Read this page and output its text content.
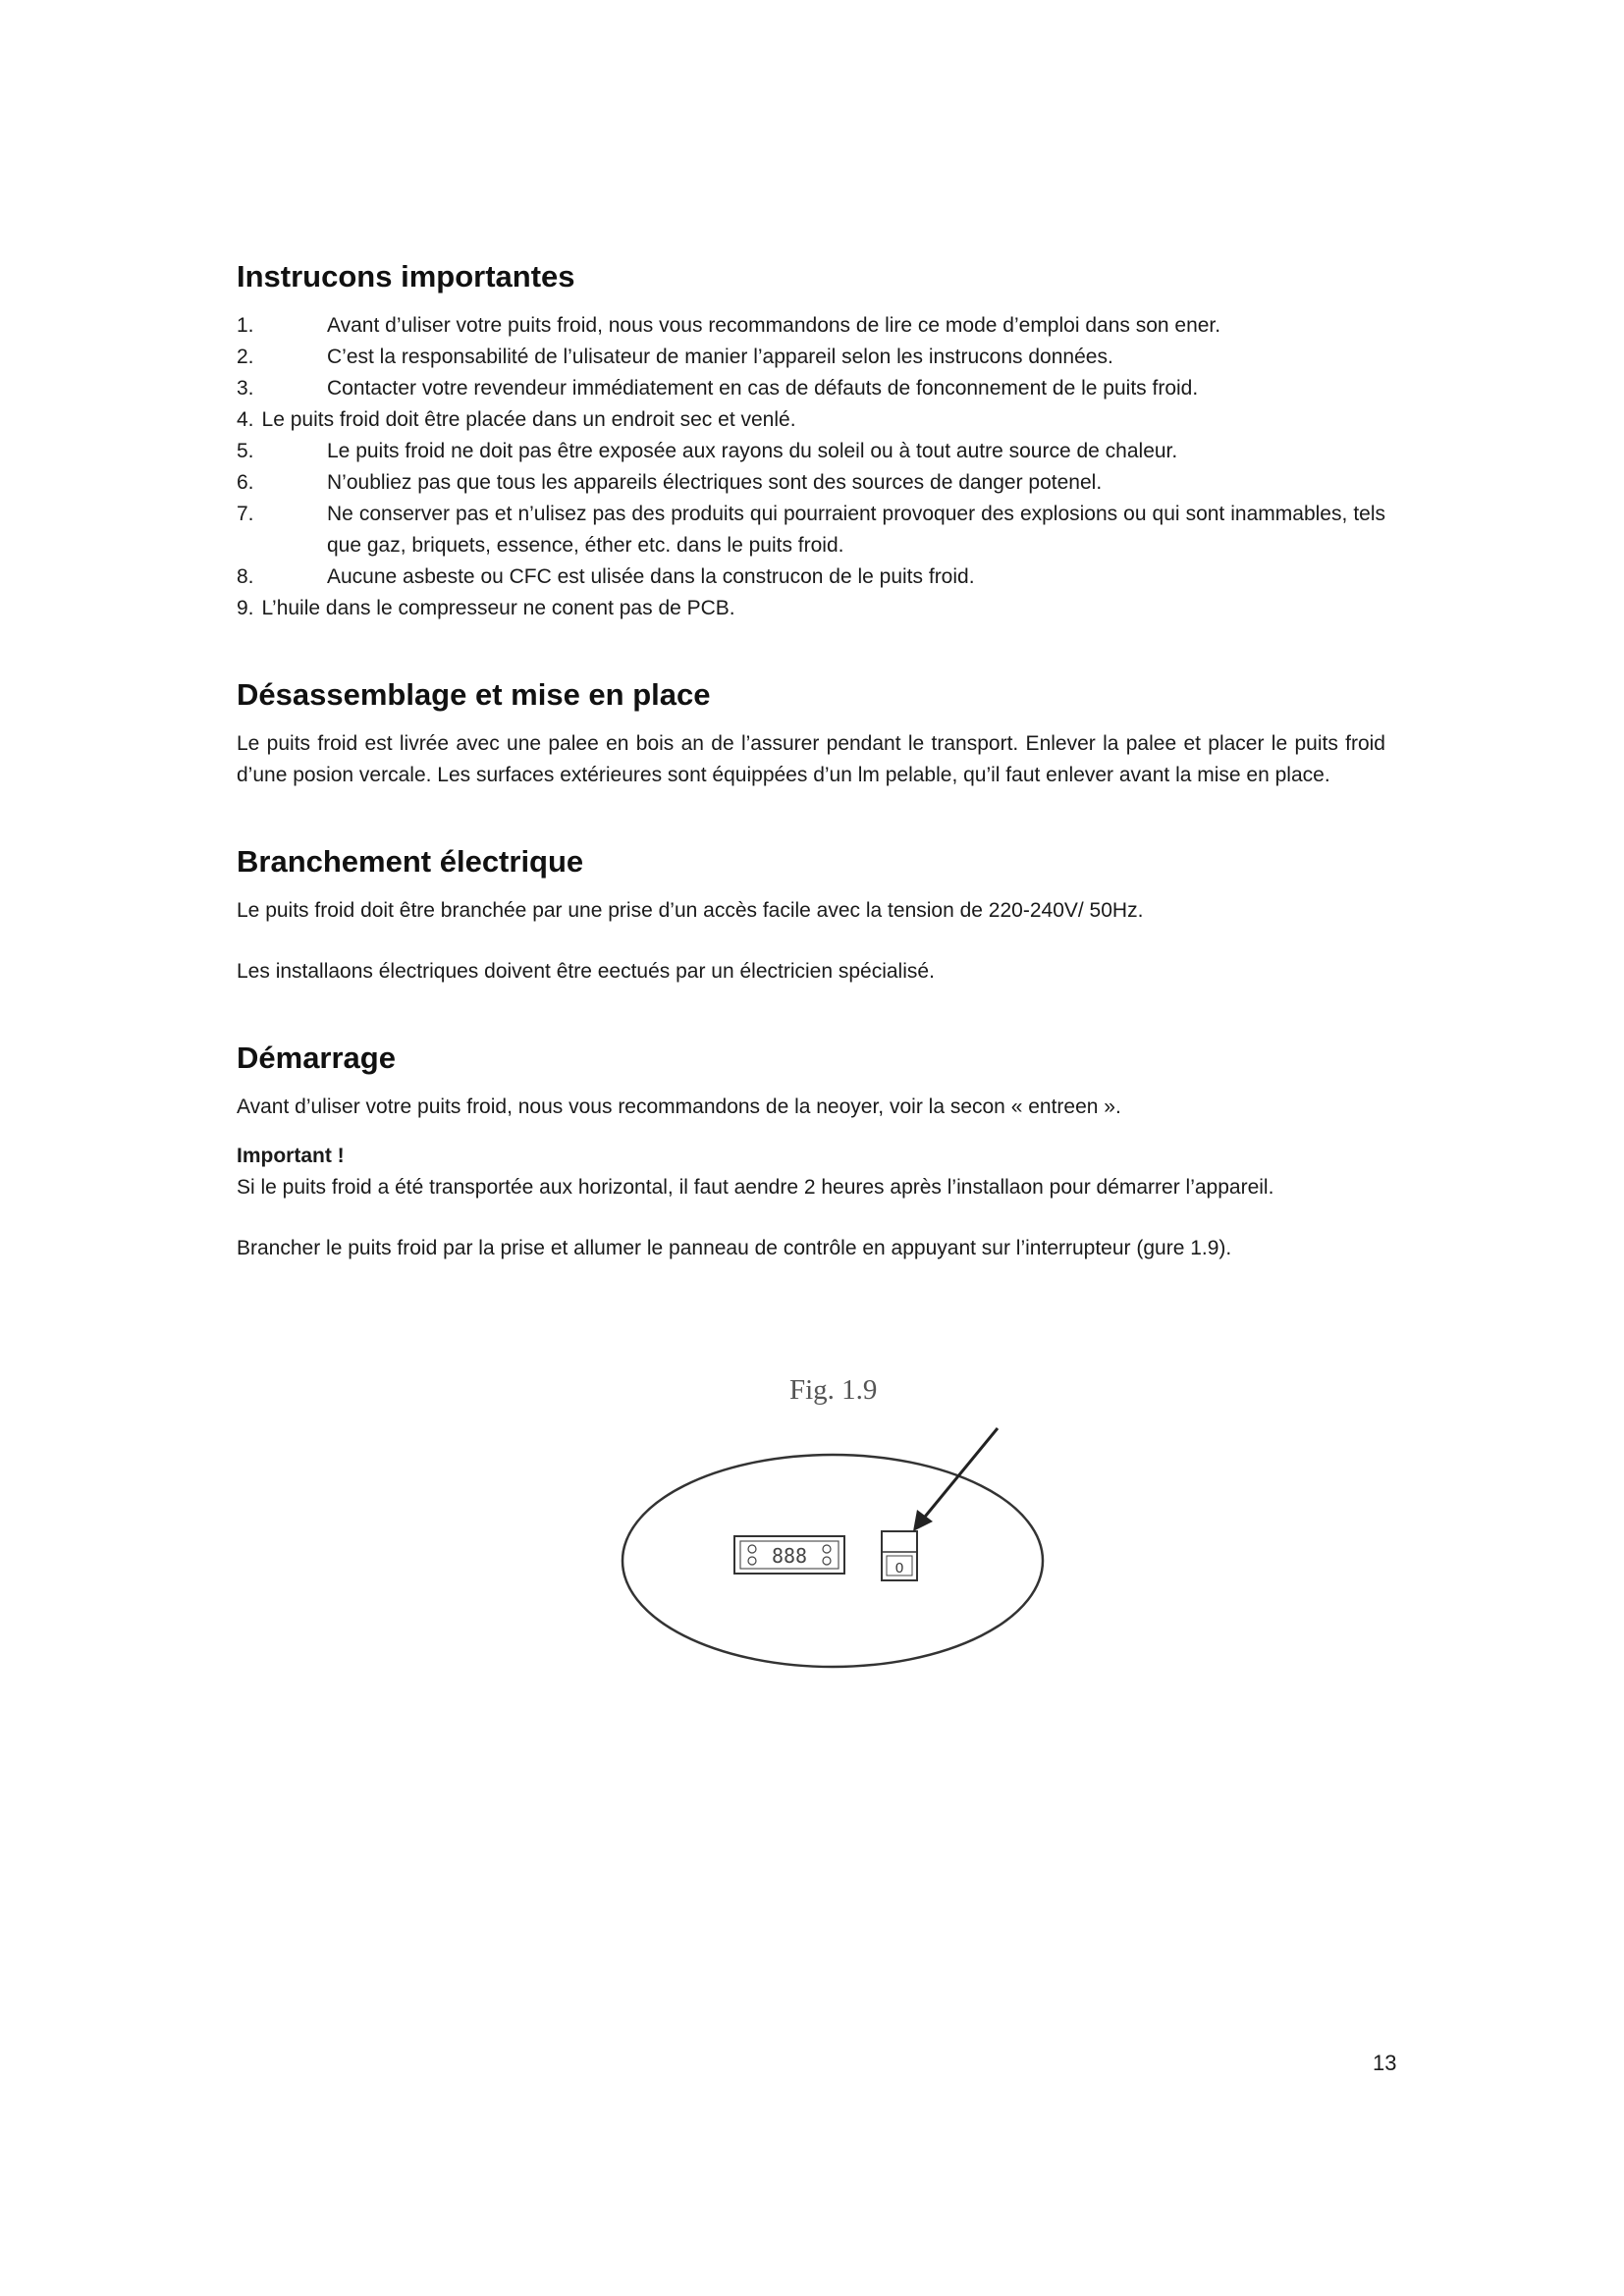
Instrucons importantes
1.	Avant d’uliser votre puits froid, nous vous recommandons de lire ce mode d’emploi dans son ener.
2.	C’est la responsabilité de l’ulisateur de manier l’appareil selon les instrucons données.
3.	Contacter votre revendeur immédiatement en cas de défauts de fonconnement de le puits froid.
4. Le puits froid doit être placée dans un endroit sec et venlé.
5.	Le puits froid ne doit pas être exposée aux rayons du soleil ou à tout autre source de chaleur.
6.	N’oubliez pas que tous les appareils électriques sont des sources de danger potenel.
7.	Ne conserver pas et n’ulisez pas des produits qui pourraient provoquer des explosions ou qui sont inammables, tels que gaz, briquets, essence, éther etc. dans le puits froid.
8.	Aucune asbeste ou CFC est ulisée dans la construcon de le puits froid.
9. L’huile dans le compresseur ne conent pas de PCB.
Désassemblage et mise en place

Le puits froid est livrée avec une palee en bois an de l’assurer pendant le transport. Enlever la palee et placer le puits froid d’une posion vercale. Les surfaces extérieures sont équippées d’un lm pelable, qu’il faut enlever avant la mise en place.

Branchement électrique

Le puits froid doit être branchée par une prise d’un accès facile avec la tension de 220-240V/ 50Hz.

Les installaons électriques doivent être eectués par un électricien spécialisé.

Démarrage

Avant d’uliser votre puits froid, nous vous recommandons de la neoyer, voir la secon « entreen ».

Important !

Si le puits froid a été transportée aux horizontal, il faut aendre 2 heures après l’installaon pour démarrer l’appareil.

Brancher le puits froid par la prise et allumer le panneau de contrôle en appuyant sur l’interrupteur (gure 1.9).

Fig. 1.9
888
0
13
